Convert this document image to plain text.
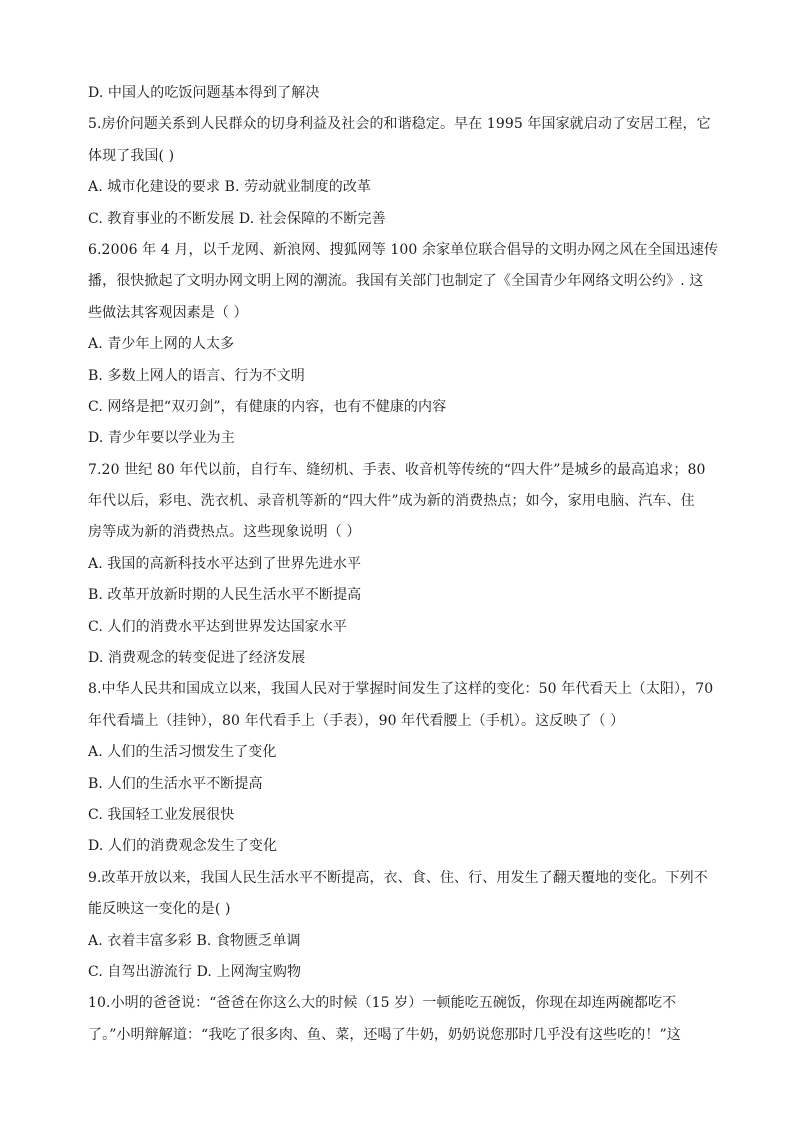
D. 中国人的吃饭问题基本得到了解决
5.房价问题关系到人民群众的切身利益及社会的和谐稳定。早在 1995 年国家就启动了安居工程，它
体现了我国( )
A. 城市化建设的要求 B. 劳动就业制度的改革
C. 教育事业的不断发展 D. 社会保障的不断完善
6.2006 年 4 月，以千龙网、新浪网、搜狐网等 100 余家单位联合倡导的文明办网之风在全国迅速传
播，很快掀起了文明办网文明上网的潮流。我国有关部门也制定了《全国青少年网络文明公约》. 这
些做法其客观因素是（ ）
A. 青少年上网的人太多
B. 多数上网人的语言、行为不文明
C. 网络是把“双刃剑”，有健康的内容，也有不健康的内容
D. 青少年要以学业为主
7.20 世纪 80 年代以前，自行车、缝纫机、手表、收音机等传统的“四大件”是城乡的最高追求；80
年代以后，彩电、洗衣机、录音机等新的“四大件”成为新的消费热点；如今，家用电脑、汽车、住
房等成为新的消费热点。这些现象说明（ ）
A. 我国的高新科技水平达到了世界先进水平
B. 改革开放新时期的人民生活水平不断提高
C. 人们的消费水平达到世界发达国家水平
D. 消费观念的转变促进了经济发展
8.中华人民共和国成立以来，我国人民对于掌握时间发生了这样的变化：50 年代看天上（太阳），70
年代看墙上（挂钟），80 年代看手上（手表），90 年代看腰上（手机）。这反映了（ ）
A. 人们的生活习惯发生了变化
B. 人们的生活水平不断提高
C. 我国轻工业发展很快
D. 人们的消费观念发生了变化
9.改革开放以来，我国人民生活水平不断提高，衣、食、住、行、用发生了翻天覆地的变化。下列不
能反映这一变化的是( )
A. 衣着丰富多彩 B. 食物匮乏单调
C. 自驾出游流行 D. 上网淘宝购物
10.小明的爸爸说：“爸爸在你这么大的时候（15 岁）一顿能吃五碗饭，你现在却连两碗都吃不
了。”小明辩解道：“我吃了很多肉、鱼、菜，还喝了牛奶，奶奶说您那时几乎没有这些吃的！”这
